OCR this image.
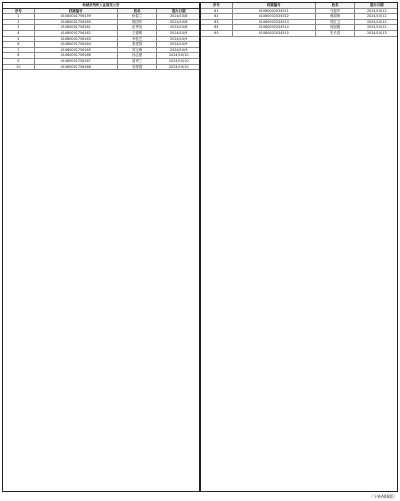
柘城县残疾人证核发公告
序号	档案编号	姓名	签办日期
1	41080001756159	杨春兰	2024/10/8
2	41080001756160	陈国华	2024/10/8
3	41080001756161	赵秀英	2024/10/8
4	41080001756162	王德明	2024/10/9
5	41080001756163	李桂芝	2024/10/9
6	41080001756164	张建国	2024/10/9
7	41080001756165	刘玉梅	2024/10/9
8	41080001756166	孙志强	2024/10/10
9	41080001756167	周秀兰	2024/10/10
10	41080001756168	吴保国	2024/10/10
序号	档案编号	姓名	签办日期
61	41080002034511	马振华	2024/10/12
62	41080002034512	黄淑珍	2024/10/12
63	41080002034513	郑红卫	2024/10/12
64	41080002034514	何丽娟	2024/10/12
65	41080002034515	朱长春	2024/10/13
（下转A06版）
